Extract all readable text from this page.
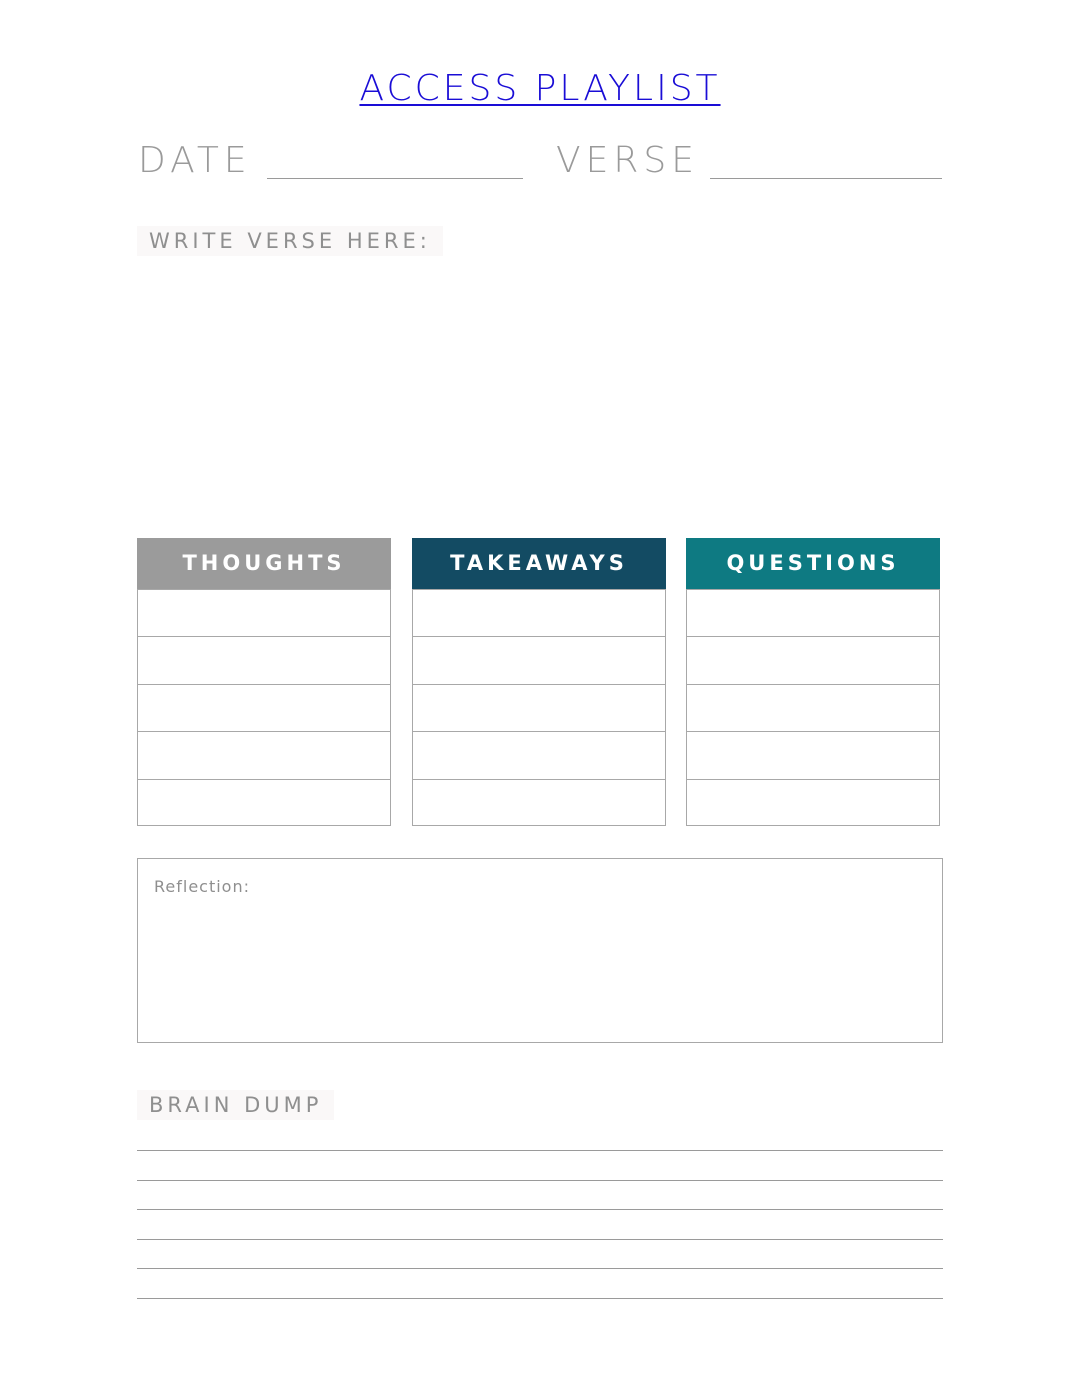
ACCESS PLAYLIST
DATE	VERSE
WRITE VERSE HERE:
THOUGHTS	TAKEAWAYS	QUESTIONS
Reflection:
BRAIN DUMP
